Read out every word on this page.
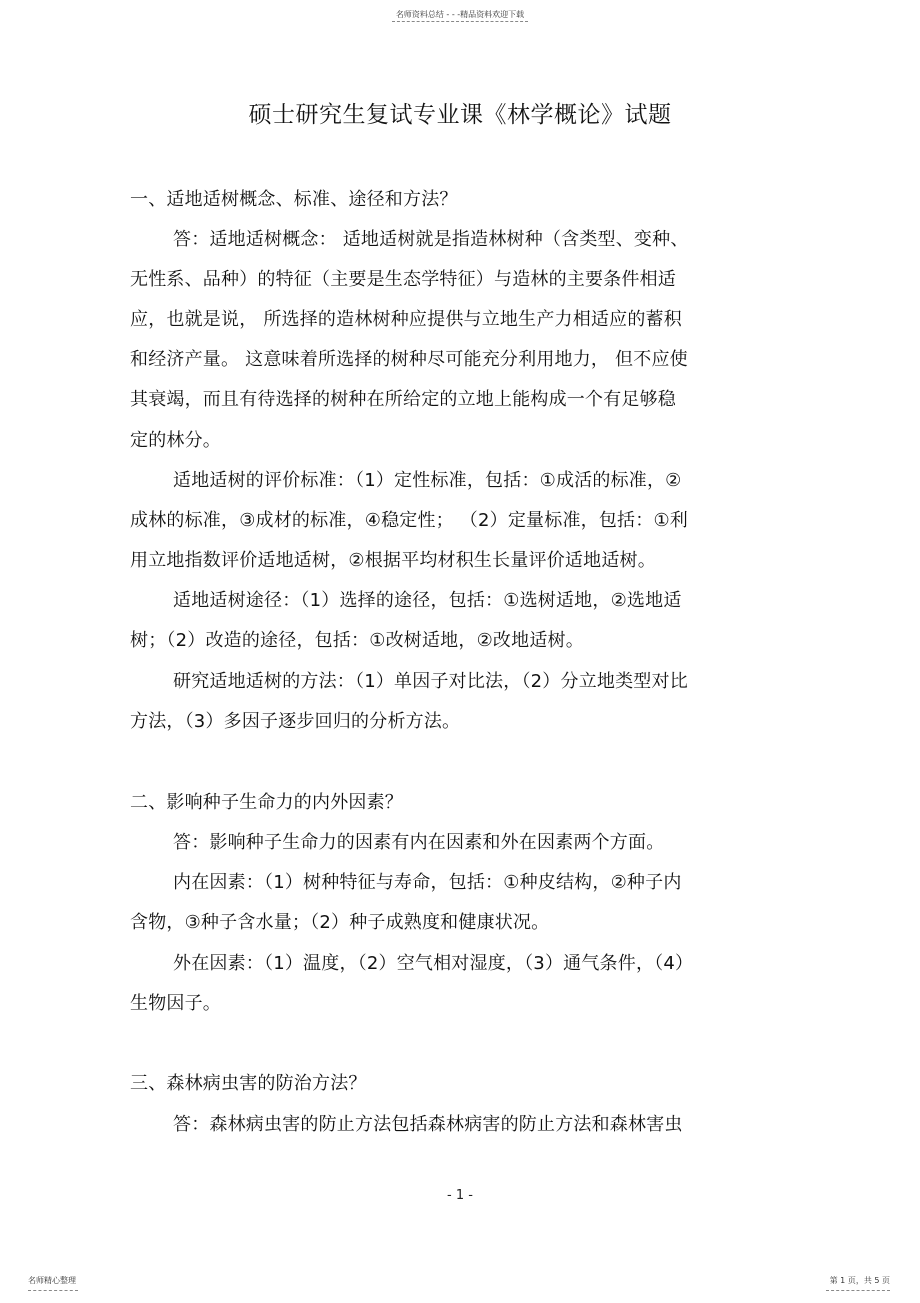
名师资料总结 - - -精品资料欢迎下载
硕士研究生复试专业课《林学概论》试题
一、适地适树概念、标准、途径和方法？
答：适地适树概念： 适地适树就是指造林树种（含类型、变种、
无性系、品种）的特征（主要是生态学特征）与造林的主要条件相适
应，也就是说， 所选择的造林树种应提供与立地生产力相适应的蓄积
和经济产量。 这意味着所选择的树种尽可能充分利用地力， 但不应使
其衰竭，而且有待选择的树种在所给定的立地上能构成一个有足够稳
定的林分。
适地适树的评价标准：（1）定性标准，包括：①成活的标准，②
成林的标准，③成材的标准，④稳定性； （2）定量标准，包括：①利
用立地指数评价适地适树，②根据平均材积生长量评价适地适树。
适地适树途径：（1）选择的途径，包括：①选树适地，②选地适
树；（2）改造的途径，包括：①改树适地，②改地适树。
研究适地适树的方法：（1）单因子对比法，（2）分立地类型对比
方法，（3）多因子逐步回归的分析方法。
二、影响种子生命力的内外因素？
答：影响种子生命力的因素有内在因素和外在因素两个方面。
内在因素：（1）树种特征与寿命，包括：①种皮结构，②种子内
含物，③种子含水量；（2）种子成熟度和健康状况。
外在因素：（1）温度，（2）空气相对湿度，（3）通气条件，（4）
生物因子。
三、森林病虫害的防治方法？
答：森林病虫害的防止方法包括森林病害的防止方法和森林害虫
- 1 -
名师精心整理	第 1 页，共 5 页
